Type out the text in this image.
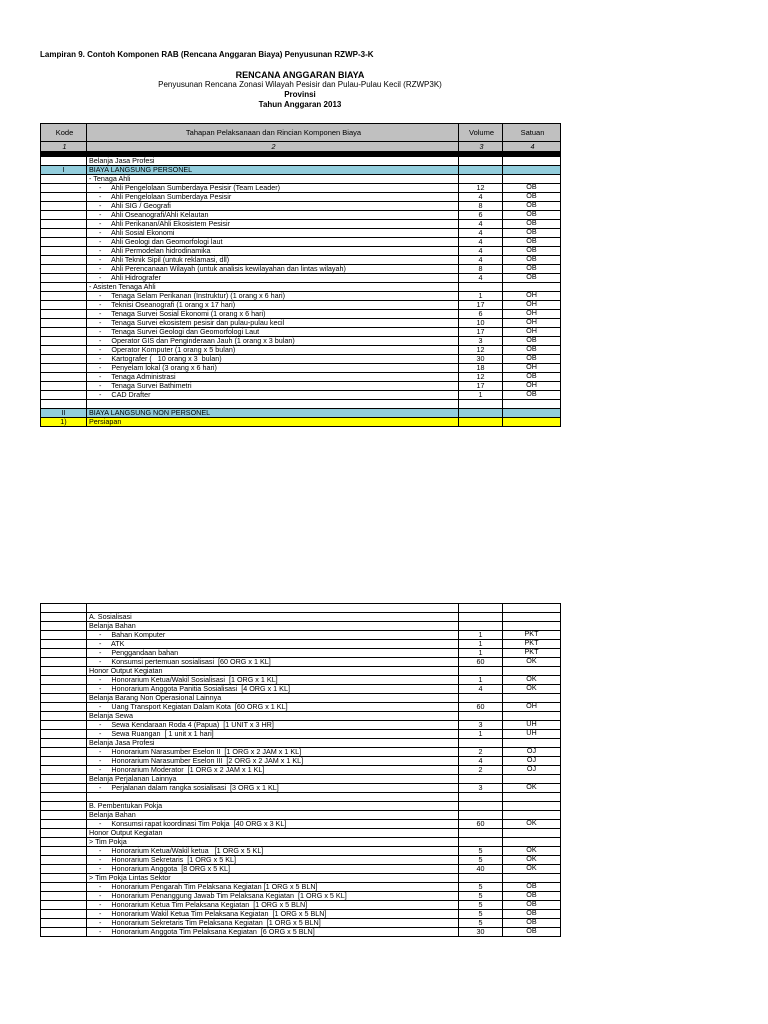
Lampiran 9. Contoh Komponen RAB (Rencana Anggaran Biaya) Penyusunan RZWP-3-K
RENCANA ANGGARAN BIAYA
Penyusunan Rencana Zonasi Wilayah Pesisir dan Pulau-Pulau Kecil (RZWP3K)
Provinsi
Tahun Anggaran 2013
Kode	Tahapan Pelaksanaan dan Rincian Komponen Biaya	Volume	Satuan
1	2	3	4

	Belanja Jasa Profesi		
I	BIAYA LANGSUNG PERSONEL		
	- Tenaga Ahli		
	-     Ahli Pengelolaan Sumberdaya Pesisir (Team Leader)	12	OB
	-     Ahli Pengelolaan Sumberdaya Pesisir	4	OB
	-     Ahli SIG / Geografi	8	OB
	-     Ahli Oseanografi/Ahli Kelautan	6	OB
	-     Ahli Perikanan/Ahli Ekosistem Pesisir	4	OB
	-     Ahli Sosial Ekonomi	4	OB
	-     Ahli Geologi dan Geomorfologi laut	4	OB
	-     Ahli Permodelan hidrodinamika	4	OB
	-     Ahli Teknik Sipil (untuk reklamasi, dll)	4	OB
	-     Ahli Perencanaan Wilayah (untuk analisis kewilayahan dan lintas wilayah)	8	OB
	-     Ahli Hidrografer	4	OB
	- Asisten Tenaga Ahli		
	-     Tenaga Selam Perikanan (Instruktur) (1 orang x 6 hari)	1	OH
	-     Teknisi Oseanografi (1 orang x 17 hari)	17	OH
	-     Tenaga Survei Sosial Ekonomi (1 orang x 6 hari)	6	OH
	-     Tenaga Survei ekosistem pesisir dan pulau-pulau kecil	10	OH
	-     Tenaga Survei Geologi dan Geomorfologi Laut	17	OH
	-     Operator GIS dan Penginderaan Jauh (1 orang x 3 bulan)	3	OB
	-     Operator Komputer (1 orang x 5 bulan)	12	OB
	-     Kartografer (   10 orang x 3  bulan)	30	OB
	-     Penyelam lokal (3 orang x 6 hari)	18	OH
	-     Tenaga Administrasi	12	OB
	-     Tenaga Survei Bathimetri	17	OH
	-     CAD Drafter	1	OB

II	BIAYA LANGSUNG NON PERSONEL		
1)	Persiapan		

	A. Sosialisasi		
	Belanja Bahan		
	-     Bahan Komputer	1	PKT
	-     ATK	1	PKT
	-     Penggandaan bahan	1	PKT
	-     Konsumsi pertemuan sosialisasi  [60 ORG x 1 KL]	60	OK
	Honor Output Kegiatan		
	-     Honorarium Ketua/Wakil Sosialisasi  [1 ORG x 1 KL]	1	OK
	-     Honorarium Anggota Panitia Sosialisasi  [4 ORG x 1 KL]	4	OK
	Belanja Barang Non Operasional Lainnya		
	-     Uang Transport Kegiatan Dalam Kota  [60 ORG x 1 KL]	60	OH
	Belanja Sewa		
	-     Sewa Kendaraan Roda 4 (Papua)  [1 UNIT x 3 HR]	3	UH
	-     Sewa Ruangan  [ 1 unit x 1 hari]	1	UH
	Belanja Jasa Profesi		
	-     Honorarium Narasumber Eselon II  [1 ORG x 2 JAM x 1 KL]	2	OJ
	-     Honorarium Narasumber Eselon III  [2 ORG x 2 JAM x 1 KL]	4	OJ
	-     Honorarium Moderator  [1 ORG x 2 JAM x 1 KL]	2	OJ
	Belanja Perjalanan Lainnya		
	-     Perjalanan dalam rangka sosialisasi  [3 ORG x 1 KL]	3	OK

	B. Pembentukan Pokja		
	Belanja Bahan		
	-     Konsumsi rapat koordinasi Tim Pokja  [40 ORG x 3 KL]	60	OK
	Honor Output Kegiatan		
	> Tim Pokja		
	-     Honorarium Ketua/Wakil ketua   [1 ORG x 5 KL]	5	OK
	-     Honorarium Sekretaris  [1 ORG x 5 KL]	5	OK
	-     Honorarium Anggota  [8 ORG x 5 KL]	40	OK
	> Tim Pokja Lintas Sektor		
	-     Honorarium Pengarah Tim Pelaksana Kegiatan [1 ORG x 5 BLN]	5	OB
	-     Honorarium Penanggung Jawab Tim Pelaksana Kegiatan  [1 ORG x 5 KL]	5	OB
	-     Honorarium Ketua Tim Pelaksana Kegiatan  [1 ORG x 5 BLN]	5	OB
	-     Honorarium Wakil Ketua Tim Pelaksana Kegiatan  [1 ORG x 5 BLN]	5	OB
	-     Honorarium Sekretaris Tim Pelaksana Kegiatan  [1 ORG x 5 BLN]	5	OB
	-     Honorarium Anggota Tim Pelaksana Kegiatan  [6 ORG x 5 BLN]	30	OB
